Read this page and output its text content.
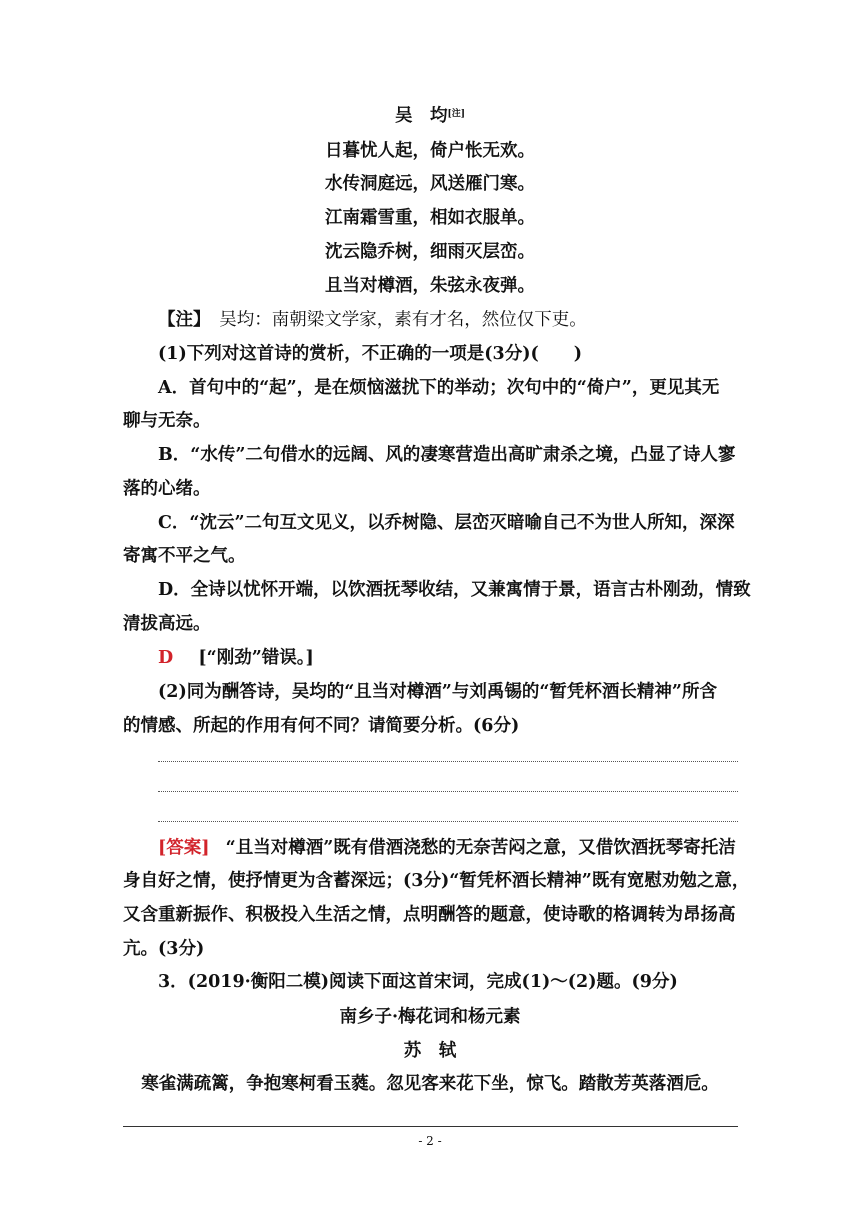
吴　均[注]
日暮忧人起，倚户怅无欢。
水传洞庭远，风送雁门寒。
江南霜雪重，相如衣服单。
沈云隐乔树，细雨灭层峦。
且当对樽酒，朱弦永夜弹。
【注】　 吴均：南朝梁文学家，素有才名，然位仅下吏。
(1)下列对这首诗的赏析，不正确的一项是(3分)(　　)
A．首句中的“起”，是在烦恼滋扰下的举动；次句中的“倚户”，更见其无
聊与无奈。
B．“水传”二句借水的远阔、风的凄寒营造出高旷肃杀之境，凸显了诗人寥
落的心绪。
C．“沈云”二句互文见义，以乔树隐、层峦灭暗喻自己不为世人所知，深深
寄寓不平之气。
D．全诗以忧怀开端，以饮酒抚琴收结，又兼寓情于景，语言古朴刚劲，情致
清拔高远。
D [“刚劲”错误。]
(2)同为酬答诗，吴均的“且当对樽酒”与刘禹锡的“暂凭杯酒长精神”所含
的情感、所起的作用有何不同？请简要分析。(6分)
[答案] “且当对樽酒”既有借酒浇愁的无奈苦闷之意，又借饮酒抚琴寄托洁
身自好之情，使抒情更为含蓄深远；(3分)“暂凭杯酒长精神”既有宽慰劝勉之意，
又含重新振作、积极投入生活之情，点明酬答的题意，使诗歌的格调转为昂扬高
亢。(3分)
3．(2019·衡阳二模)阅读下面这首宋词，完成(1)～(2)题。(9分)
南乡子·梅花词和杨元素
苏　轼
寒雀满疏篱，争抱寒柯看玉蕤。忽见客来花下坐，惊飞。踏散芳英落酒卮。
- 2 -
